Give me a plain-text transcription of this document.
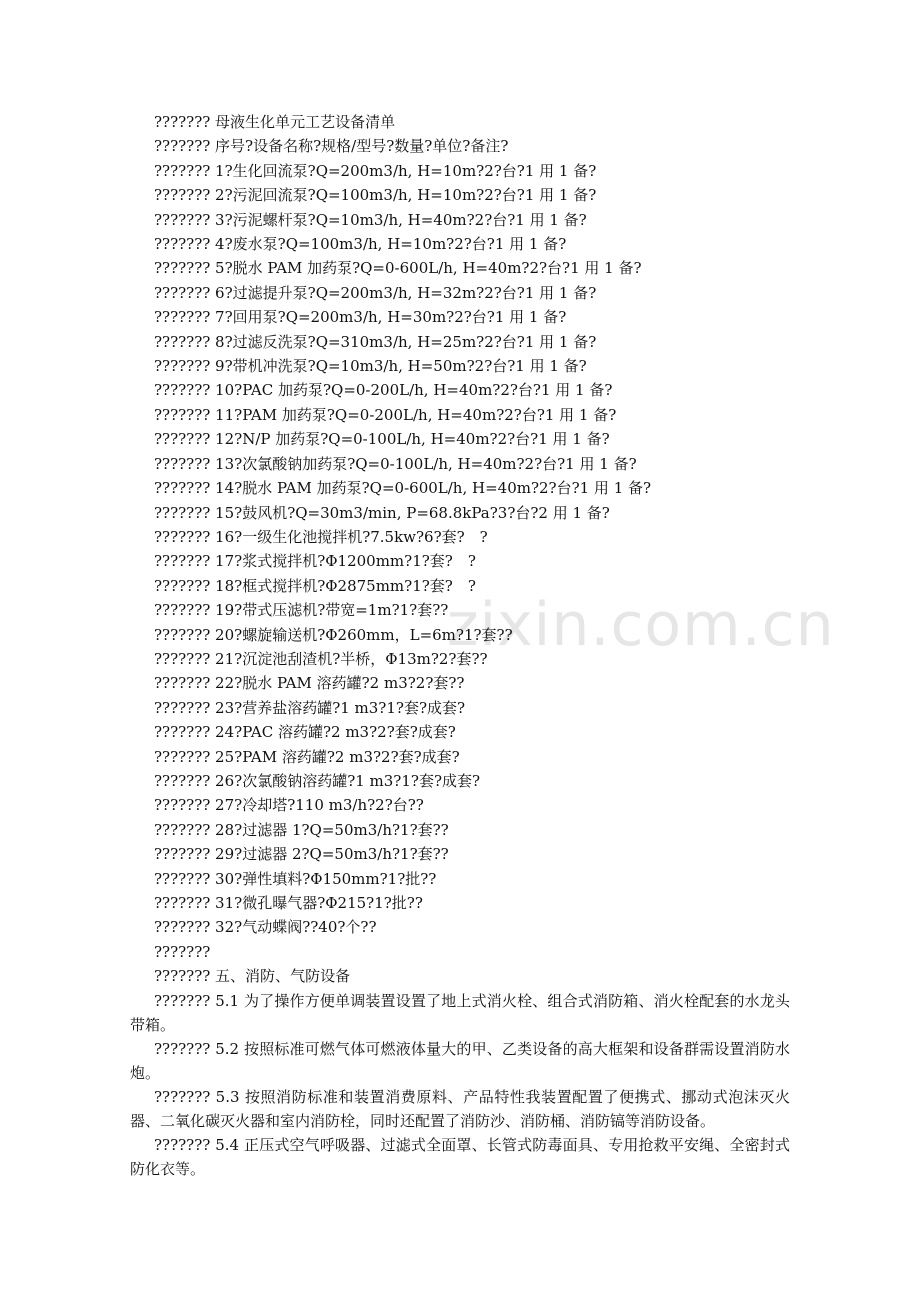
zixin.com.cn
??????? 母液生化单元工艺设备清单
??????? 序号?设备名称?规格/型号?数量?单位?备注?
??????? 1?生化回流泵?Q=200m3/h, H=10m?2?台?1 用 1 备?
??????? 2?污泥回流泵?Q=100m3/h, H=10m?2?台?1 用 1 备?
??????? 3?污泥螺杆泵?Q=10m3/h, H=40m?2?台?1 用 1 备?
??????? 4?废水泵?Q=100m3/h, H=10m?2?台?1 用 1 备?
??????? 5?脱水 PAM 加药泵?Q=0-600L/h, H=40m?2?台?1 用 1 备?
??????? 6?过滤提升泵?Q=200m3/h, H=32m?2?台?1 用 1 备?
??????? 7?回用泵?Q=200m3/h, H=30m?2?台?1 用 1 备?
??????? 8?过滤反洗泵?Q=310m3/h, H=25m?2?台?1 用 1 备?
??????? 9?带机冲洗泵?Q=10m3/h, H=50m?2?台?1 用 1 备?
??????? 10?PAC 加药泵?Q=0-200L/h, H=40m?2?台?1 用 1 备?
??????? 11?PAM 加药泵?Q=0-200L/h, H=40m?2?台?1 用 1 备?
??????? 12?N/P 加药泵?Q=0-100L/h, H=40m?2?台?1 用 1 备?
??????? 13?次氯酸钠加药泵?Q=0-100L/h, H=40m?2?台?1 用 1 备?
??????? 14?脱水 PAM 加药泵?Q=0-600L/h, H=40m?2?台?1 用 1 备?
??????? 15?鼓风机?Q=30m3/min, P=68.8kPa?3?台?2 用 1 备?
??????? 16?一级生化池搅拌机?7.5kw?6?套?　?
??????? 17?浆式搅拌机?Φ1200mm?1?套?　?
??????? 18?框式搅拌机?Φ2875mm?1?套?　?
??????? 19?带式压滤机?带宽=1m?1?套??
??????? 20?螺旋输送机?Φ260mm，L=6m?1?套??
??????? 21?沉淀池刮渣机?半桥，Φ13m?2?套??
??????? 22?脱水 PAM 溶药罐?2 m3?2?套??
??????? 23?营养盐溶药罐?1 m3?1?套?成套?
??????? 24?PAC 溶药罐?2 m3?2?套?成套?
??????? 25?PAM 溶药罐?2 m3?2?套?成套?
??????? 26?次氯酸钠溶药罐?1 m3?1?套?成套?
??????? 27?冷却塔?110 m3/h?2?台??
??????? 28?过滤器 1?Q=50m3/h?1?套??
??????? 29?过滤器 2?Q=50m3/h?1?套??
??????? 30?弹性填料?Φ150mm?1?批??
??????? 31?微孔曝气器?Φ215?1?批??
??????? 32?气动蝶阀??40?个??
???????
??????? 五、消防、气防设备

??????? 5.1 为了操作方便单调装置设置了地上式消火栓、组合式消防箱、消火栓配套的水龙头带箱。

??????? 5.2 按照标准可燃气体可燃液体量大的甲、乙类设备的高大框架和设备群需设置消防水炮。

??????? 5.3 按照消防标准和装置消费原料、产品特性我装置配置了便携式、挪动式泡沫灭火器、二氧化碳灭火器和室内消防栓，同时还配置了消防沙、消防桶、消防镐等消防设备。

??????? 5.4 正压式空气呼吸器、过滤式全面罩、长管式防毒面具、专用抢救平安绳、全密封式防化衣等。
